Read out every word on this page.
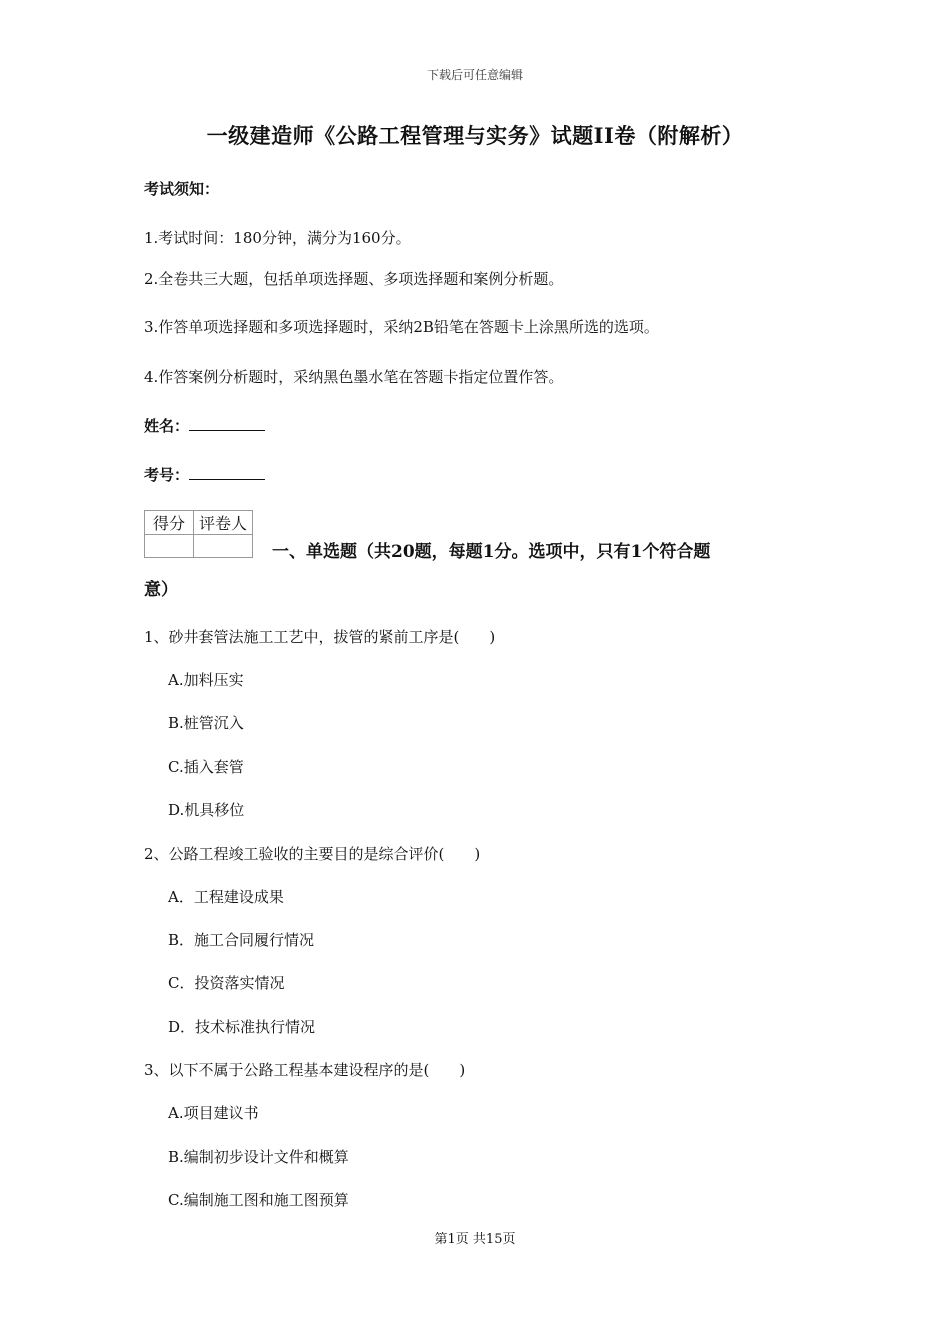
下载后可任意编辑
一级建造师《公路工程管理与实务》试题II卷（附解析）
考试须知：
1.考试时间：180分钟，满分为160分。
2.全卷共三大题，包括单项选择题、多项选择题和案例分析题。
3.作答单项选择题和多项选择题时，采纳2B铅笔在答题卡上涂黑所选的选项。
4.作答案例分析题时，采纳黑色墨水笔在答题卡指定位置作答。
姓名：
考号：
得分	评卷人

一、单选题（共20题，每题1分。选项中，只有1个符合题
意）
1、砂井套管法施工工艺中，拔管的紧前工序是(　　)
A.加料压实
B.桩管沉入
C.插入套管
D.机具移位
2、公路工程竣工验收的主要目的是综合评价(　　)
A．工程建设成果
B．施工合同履行情况
C．投资落实情况
D．技术标准执行情况
3、以下不属于公路工程基本建设程序的是(　　)
A.项目建议书
B.编制初步设计文件和概算
C.编制施工图和施工图预算
第1页 共15页
